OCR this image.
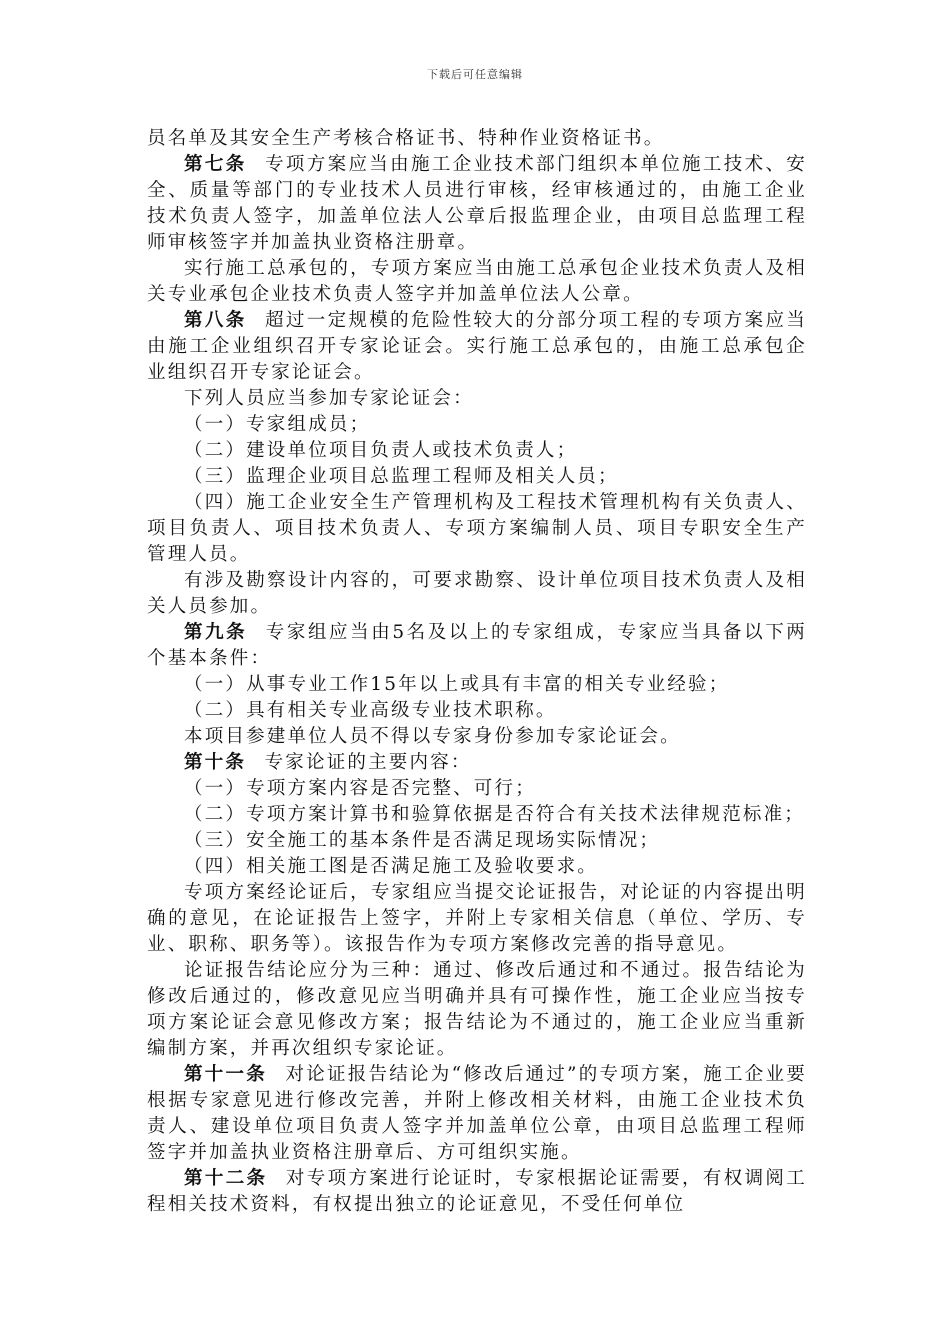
下载后可任意编辑

员名单及其安全生产考核合格证书、特种作业资格证书。

第七条 专项方案应当由施工企业技术部门组织本单位施工技术、安全、质量等部门的专业技术人员进行审核，经审核通过的，由施工企业技术负责人签字，加盖单位法人公章后报监理企业，由项目总监理工程师审核签字并加盖执业资格注册章。

实行施工总承包的，专项方案应当由施工总承包企业技术负责人及相关专业承包企业技术负责人签字并加盖单位法人公章。

第八条 超过一定规模的危险性较大的分部分项工程的专项方案应当由施工企业组织召开专家论证会。实行施工总承包的，由施工总承包企业组织召开专家论证会。

下列人员应当参加专家论证会：

（一）专家组成员；

（二）建设单位项目负责人或技术负责人；

（三）监理企业项目总监理工程师及相关人员；

（四）施工企业安全生产管理机构及工程技术管理机构有关负责人、项目负责人、项目技术负责人、专项方案编制人员、项目专职安全生产管理人员。

有涉及勘察设计内容的，可要求勘察、设计单位项目技术负责人及相关人员参加。

第九条 专家组应当由5名及以上的专家组成，专家应当具备以下两个基本条件：

（一）从事专业工作15年以上或具有丰富的相关专业经验；

（二）具有相关专业高级专业技术职称。

本项目参建单位人员不得以专家身份参加专家论证会。

第十条 专家论证的主要内容：

（一）专项方案内容是否完整、可行；

（二）专项方案计算书和验算依据是否符合有关技术法律规范标准；

（三）安全施工的基本条件是否满足现场实际情况；

（四）相关施工图是否满足施工及验收要求。

专项方案经论证后，专家组应当提交论证报告，对论证的内容提出明确的意见，在论证报告上签字，并附上专家相关信息（单位、学历、专业、职称、职务等）。该报告作为专项方案修改完善的指导意见。

论证报告结论应分为三种：通过、修改后通过和不通过。报告结论为修改后通过的，修改意见应当明确并具有可操作性，施工企业应当按专项方案论证会意见修改方案；报告结论为不通过的，施工企业应当重新编制方案，并再次组织专家论证。

第十一条 对论证报告结论为“修改后通过”的专项方案，施工企业要根据专家意见进行修改完善，并附上修改相关材料，由施工企业技术负责人、建设单位项目负责人签字并加盖单位公章，由项目总监理工程师签字并加盖执业资格注册章后、方可组织实施。

第十二条 对专项方案进行论证时，专家根据论证需要，有权调阅工程相关技术资料，有权提出独立的论证意见，不受任何单位
